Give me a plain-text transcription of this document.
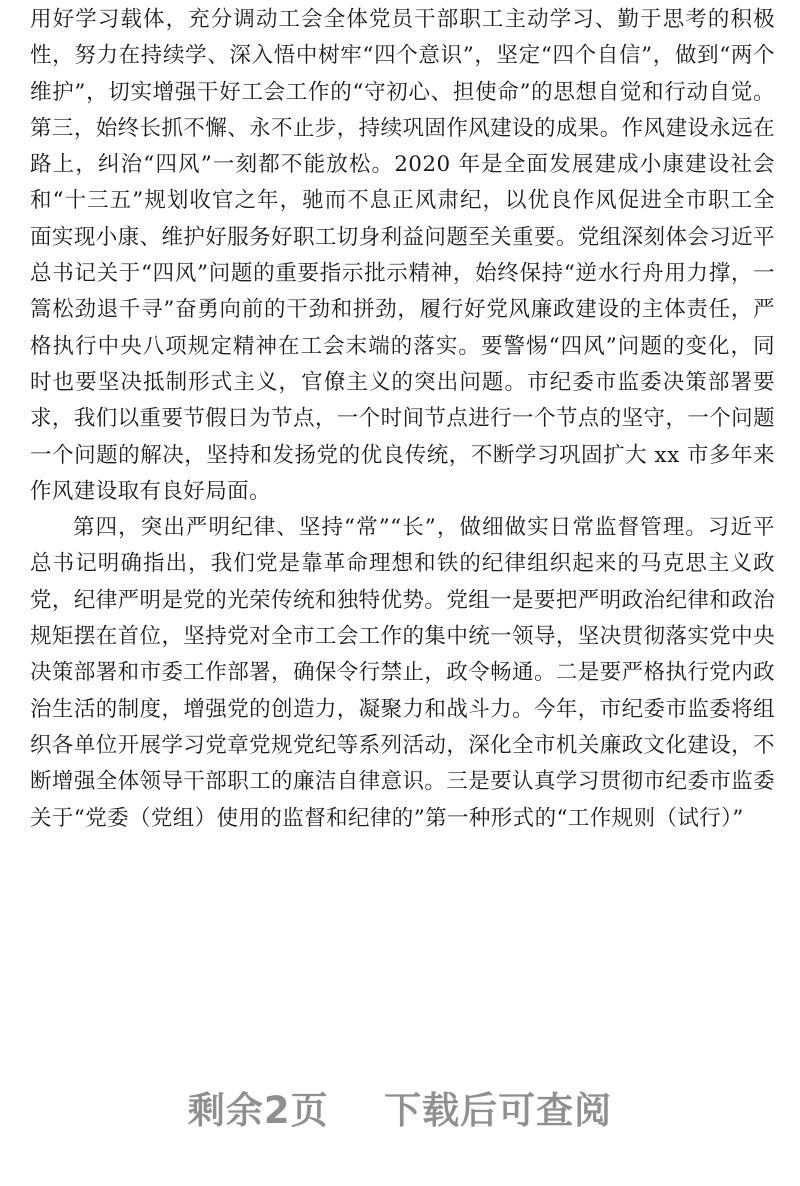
用好学习载体，充分调动工会全体党员干部职工主动学习、勤于思考的积极性，努力在持续学、深入悟中树牢“四个意识”，坚定“四个自信”，做到“两个维护”，切实增强干好工会工作的“守初心、担使命”的思想自觉和行动自觉。第三，始终长抓不懈、永不止步，持续巩固作风建设的成果。作风建设永远在路上，纠治“四风”一刻都不能放松。2020 年是全面发展建成小康建设社会和“十三五”规划收官之年，驰而不息正风肃纪，以优良作风促进全市职工全面实现小康、维护好服务好职工切身利益问题至关重要。党组深刻体会习近平总书记关于“四风”问题的重要指示批示精神，始终保持“逆水行舟用力撑，一篙松劲退千寻”奋勇向前的干劲和拼劲，履行好党风廉政建设的主体责任，严格执行中央八项规定精神在工会末端的落实。要警惕“四风”问题的变化，同时也要坚决抵制形式主义，官僚主义的突出问题。市纪委市监委决策部署要求，我们以重要节假日为节点，一个时间节点进行一个节点的坚守，一个问题一个问题的解决，坚持和发扬党的优良传统，不断学习巩固扩大 xx 市多年来作风建设取有良好局面。

第四，突出严明纪律、坚持“常”“长”，做细做实日常监督管理。习近平总书记明确指出，我们党是靠革命理想和铁的纪律组织起来的马克思主义政党，纪律严明是党的光荣传统和独特优势。党组一是要把严明政治纪律和政治规矩摆在首位，坚持党对全市工会工作的集中统一领导，坚决贯彻落实党中央决策部署和市委工作部署，确保令行禁止，政令畅通。二是要严格执行党内政治生活的制度，增强党的创造力，凝聚力和战斗力。今年，市纪委市监委将组织各单位开展学习党章党规党纪等系列活动，深化全市机关廉政文化建设，不断增强全体领导干部职工的廉洁自律意识。三是要认真学习贯彻市纪委市监委关于“党委（党组）使用的监督和纪律的”第一种形式的“工作规则（试行）”

剩余2页    下载后可查阅
